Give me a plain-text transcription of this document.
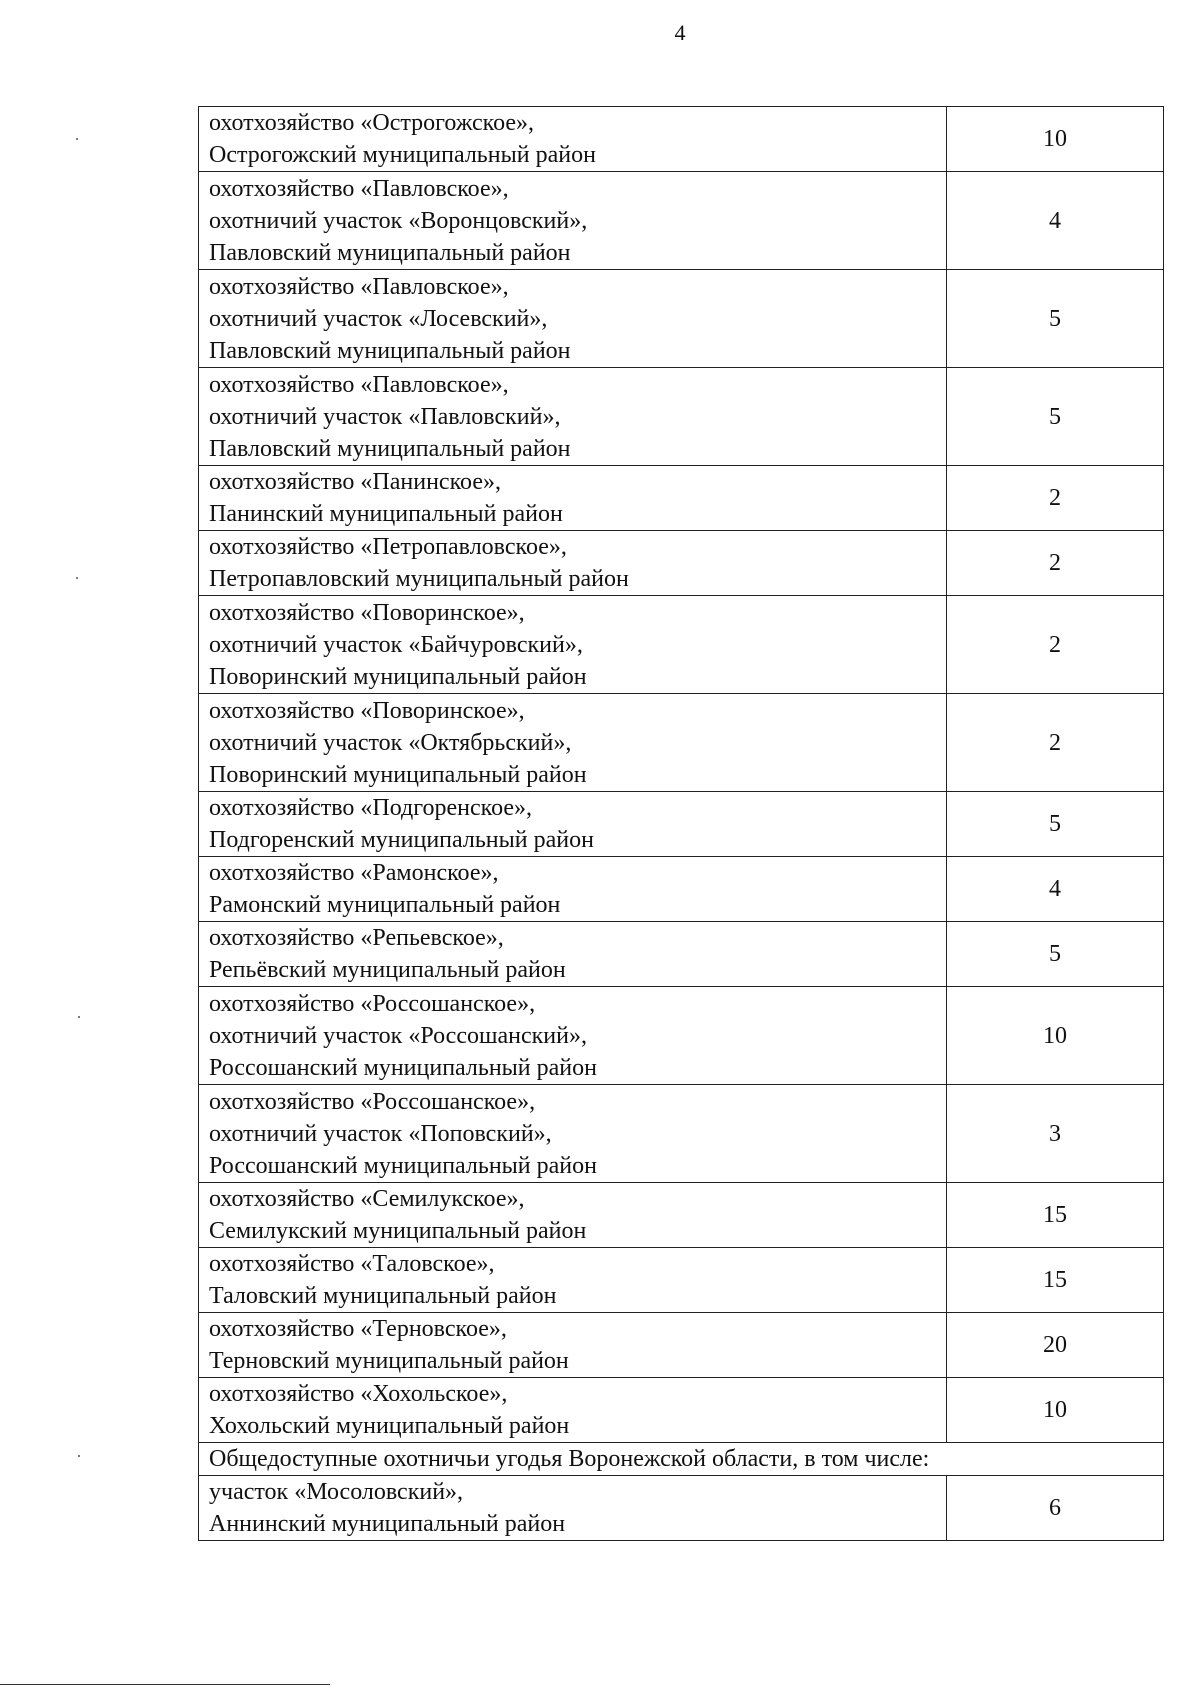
4
охотхозяйство «Острогожское»,
Острогожский муниципальный район	10

охотхозяйство «Павловское»,
охотничий участок «Воронцовский»,
Павловский муниципальный район	4

охотхозяйство «Павловское»,
охотничий участок «Лосевский»,
Павловский муниципальный район	5

охотхозяйство «Павловское»,
охотничий участок «Павловский»,
Павловский муниципальный район	5

охотхозяйство «Панинское»,
Панинский муниципальный район	2

охотхозяйство «Петропавловское»,
Петропавловский муниципальный район	2

охотхозяйство «Поворинское»,
охотничий участок «Байчуровский»,
Поворинский муниципальный район	2

охотхозяйство «Поворинское»,
охотничий участок «Октябрьский»,
Поворинский муниципальный район	2

охотхозяйство «Подгоренское»,
Подгоренский муниципальный район	5

охотхозяйство «Рамонское»,
Рамонский муниципальный район	4

охотхозяйство «Репьевское»,
Репьёвский муниципальный район	5

охотхозяйство «Россошанское»,
охотничий участок «Россошанский»,
Россошанский муниципальный район	10

охотхозяйство «Россошанское»,
охотничий участок «Поповский»,
Россошанский муниципальный район	3

охотхозяйство «Семилукское»,
Семилукский муниципальный район	15

охотхозяйство «Таловское»,
Таловский муниципальный район	15

охотхозяйство «Терновское»,
Терновский муниципальный район	20

охотхозяйство «Хохольское»,
Хохольский муниципальный район	10
Общедоступные охотничьи угодья Воронежской области, в том числе:	

участок «Мосоловский»,
Аннинский муниципальный район	6
